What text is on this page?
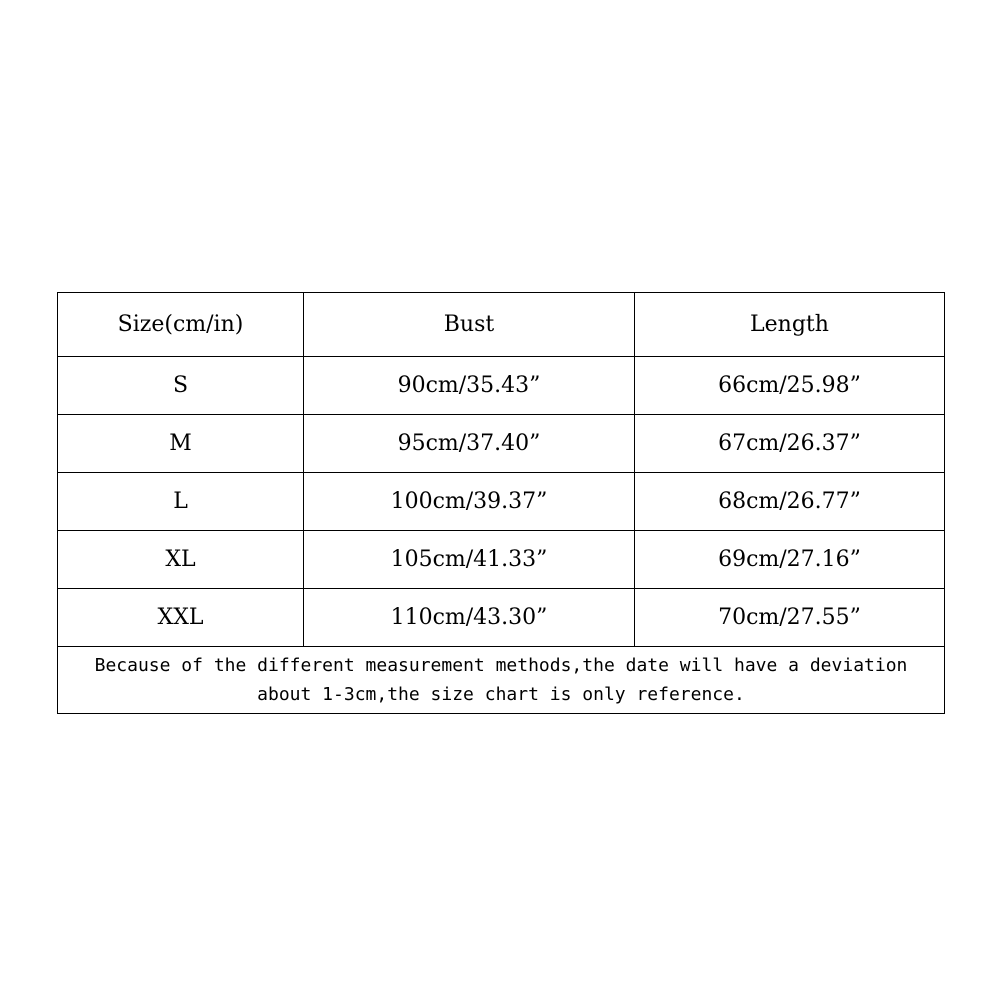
Size(cm/in)	Bust	Length
S	90cm/35.43”	66cm/25.98”
M	95cm/37.40”	67cm/26.37”
L	100cm/39.37”	68cm/26.77”
XL	105cm/41.33”	69cm/27.16”
XXL	110cm/43.30”	70cm/27.55”
Because of the different measurement methods,the date will have a deviation about 1-3cm,the size chart is only reference.		
